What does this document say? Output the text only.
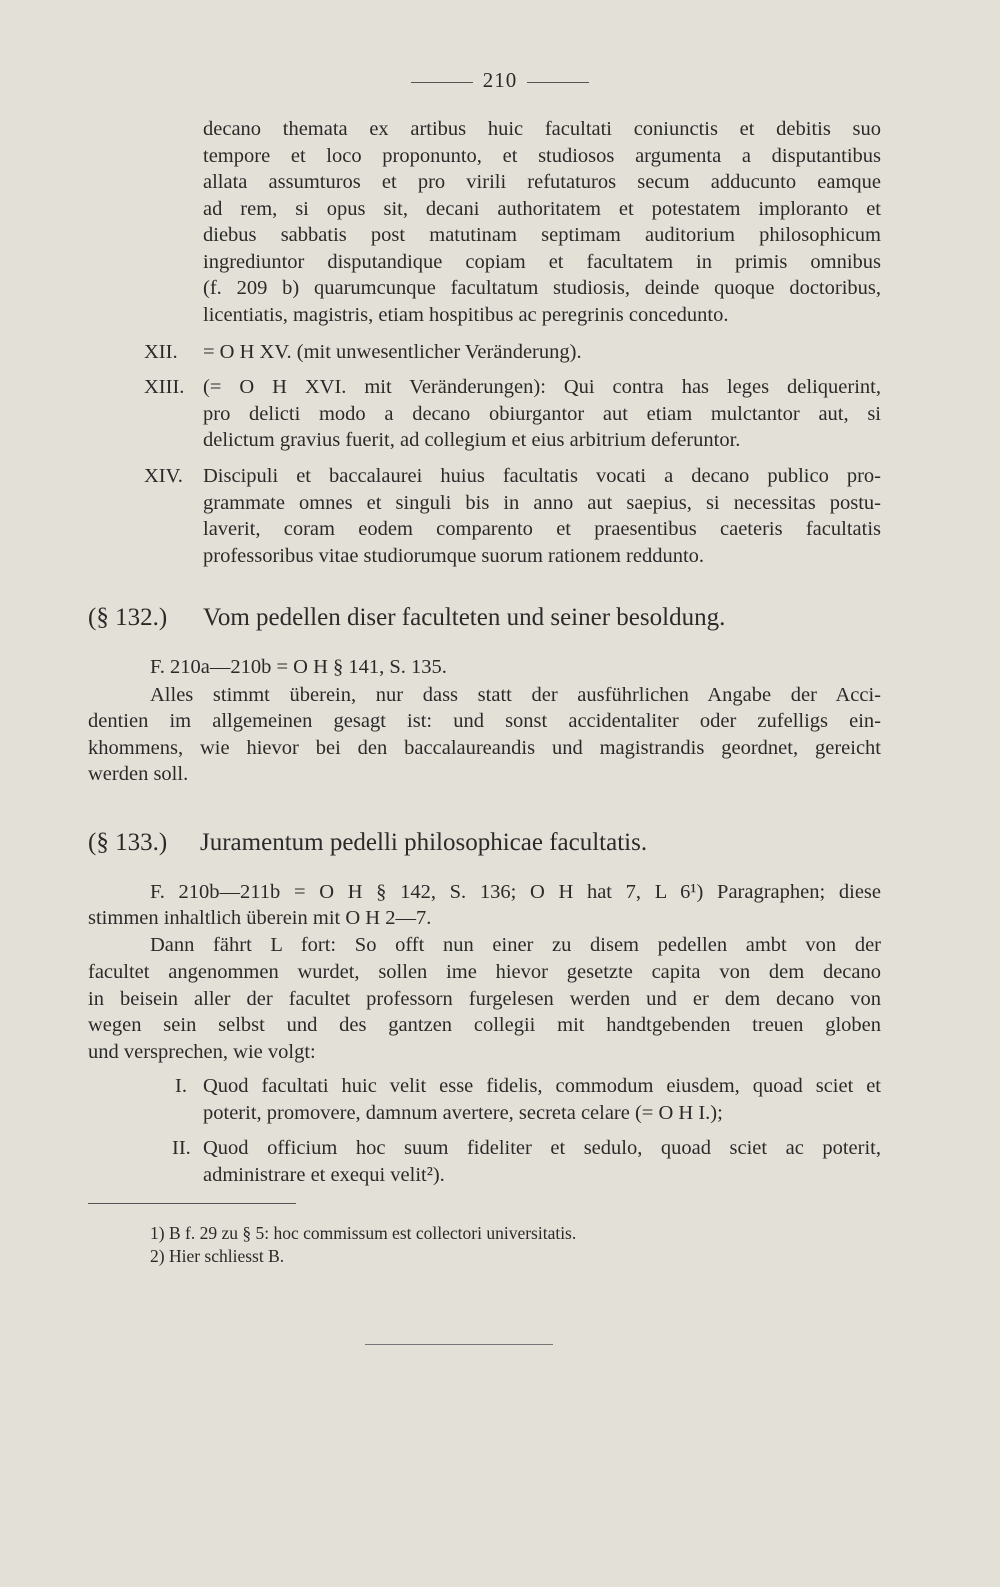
210
decano themata ex artibus huic facultati coniunctis et debitis suo
tempore et loco proponunto, et studiosos argumenta a disputantibus
allata assumturos et pro virili refutaturos secum adducunto eamque
ad rem, si opus sit, decani authoritatem et potestatem imploranto et
diebus sabbatis post matutinam septimam auditorium philosophicum
ingrediuntor disputandique copiam et facultatem in primis omnibus
(f. 209 b) quarumcunque facultatum studiosis, deinde quoque doctoribus,
licentiatis, magistris, etiam hospitibus ac peregrinis concedunto.
XII. = O H XV. (mit unwesentlicher Veränderung).
XIII. (= O H XVI. mit Veränderungen): Qui contra has leges deliquerint,
pro delicti modo a decano obiurgantor aut etiam mulctantor aut, si
delictum gravius fuerit, ad collegium et eius arbitrium deferuntor.
XIV. Discipuli et baccalaurei huius facultatis vocati a decano publico pro-
grammate omnes et singuli bis in anno aut saepius, si necessitas postu-
laverit, coram eodem comparento et praesentibus caeteris facultatis
professoribus vitae studiorumque suorum rationem reddunto.
(§ 132.) Vom pedellen diser faculteten und seiner besoldung.
F. 210a—210b = O H § 141, S. 135.
Alles stimmt überein, nur dass statt der ausführlichen Angabe der Acci-
dentien im allgemeinen gesagt ist: und sonst accidentaliter oder zufelligs ein-
khommens, wie hievor bei den baccalaureandis und magistrandis geordnet, gereicht
werden soll.
(§ 133.) Juramentum pedelli philosophicae facultatis.
F. 210b—211b = O H § 142, S. 136; O H hat 7, L 6¹) Paragraphen; diese
stimmen inhaltlich überein mit O H 2—7.
Dann fährt L fort: So offt nun einer zu disem pedellen ambt von der
facultet angenommen wurdet, sollen ime hievor gesetzte capita von dem decano
in beisein aller der facultet professorn furgelesen werden und er dem decano von
wegen sein selbst und des gantzen collegii mit handtgebenden treuen globen
und versprechen, wie volgt:
I. Quod facultati huic velit esse fidelis, commodum eiusdem, quoad sciet et
poterit, promovere, damnum avertere, secreta celare (= O H I.);
II. Quod officium hoc suum fideliter et sedulo, quoad sciet ac poterit,
administrare et exequi velit²).
1) B f. 29 zu § 5: hoc commissum est collectori universitatis.
2) Hier schliesst B.
